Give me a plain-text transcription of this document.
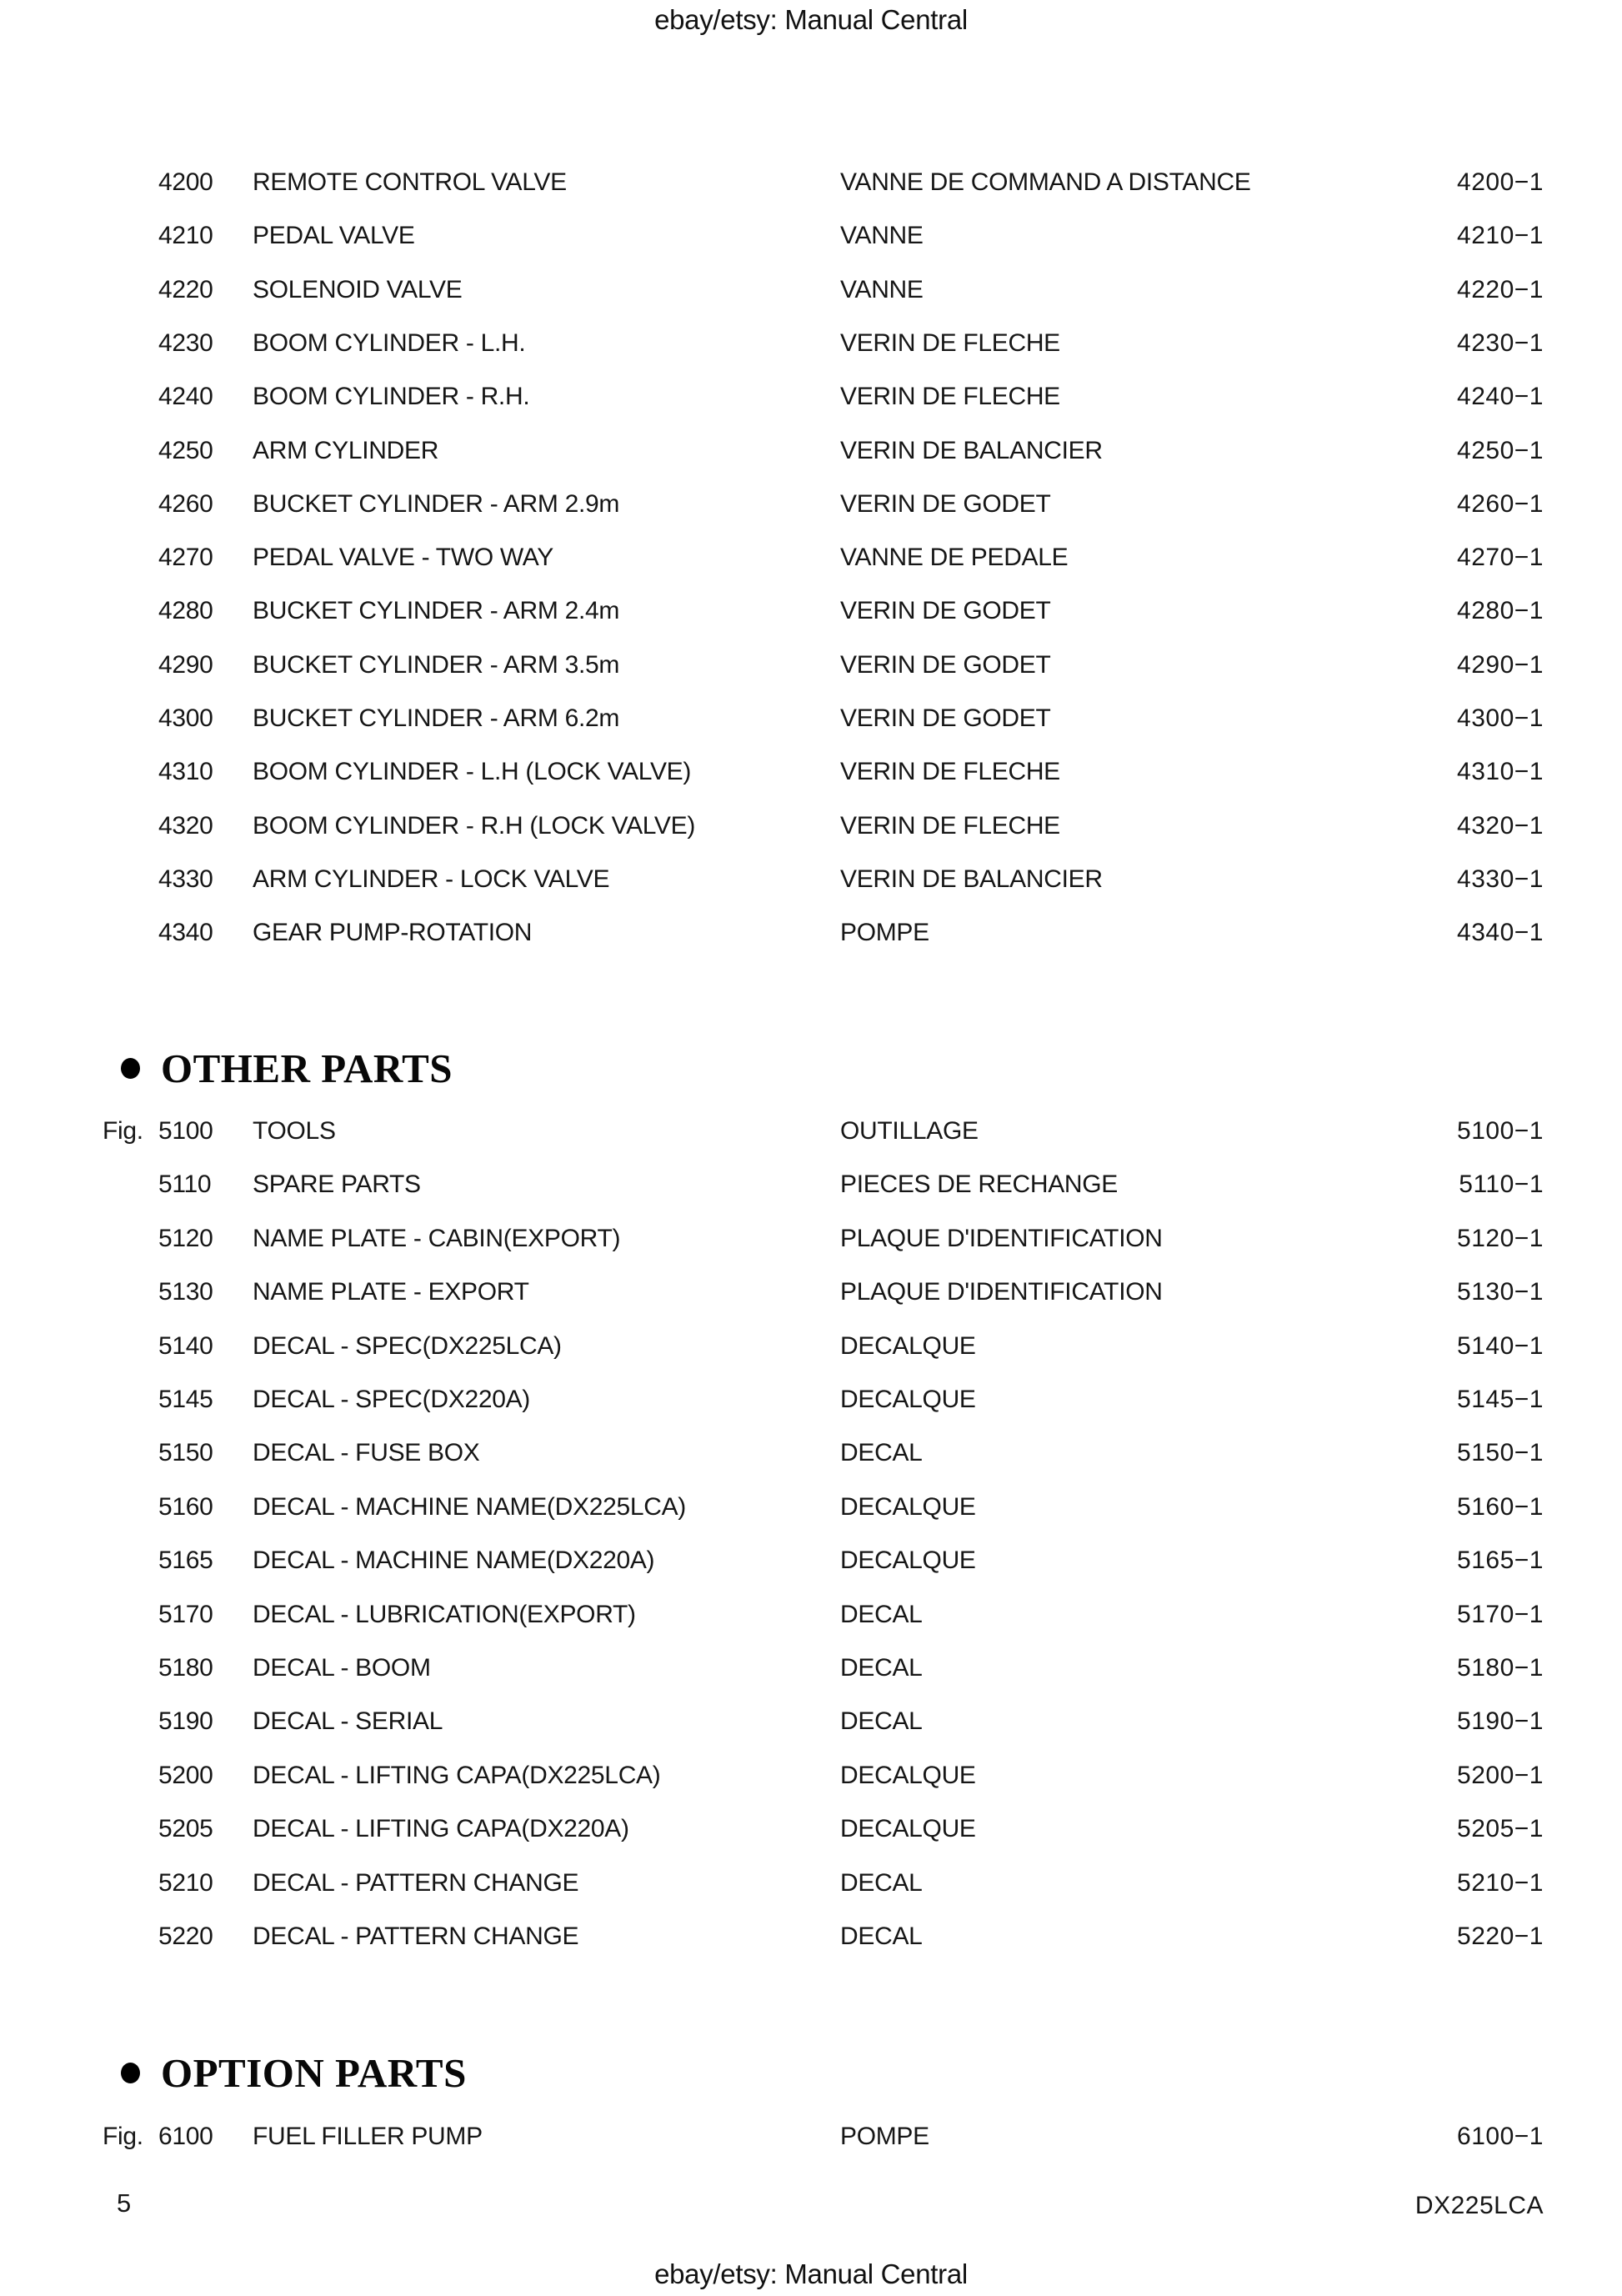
ebay/etsy: Manual Central
4200 REMOTE CONTROL VALVE	VANNE DE COMMAND A DISTANCE	4200−1
4210 PEDAL VALVE	VANNE	4210−1
4220 SOLENOID VALVE	VANNE	4220−1
4230 BOOM CYLINDER - L.H.	VERIN DE FLECHE	4230−1
4240 BOOM CYLINDER - R.H.	VERIN DE FLECHE	4240−1
4250 ARM CYLINDER	VERIN DE BALANCIER	4250−1
4260 BUCKET CYLINDER - ARM 2.9m	VERIN DE GODET	4260−1
4270 PEDAL VALVE - TWO WAY	VANNE DE PEDALE	4270−1
4280 BUCKET CYLINDER - ARM 2.4m	VERIN DE GODET	4280−1
4290 BUCKET CYLINDER - ARM 3.5m	VERIN DE GODET	4290−1
4300 BUCKET CYLINDER - ARM 6.2m	VERIN DE GODET	4300−1
4310 BOOM CYLINDER - L.H (LOCK VALVE)	VERIN DE FLECHE	4310−1
4320 BOOM CYLINDER - R.H (LOCK VALVE)	VERIN DE FLECHE	4320−1
4330 ARM CYLINDER - LOCK VALVE	VERIN DE BALANCIER	4330−1
4340 GEAR PUMP-ROTATION	POMPE	4340−1
OTHER PARTS
Fig. 5100 TOOLS	OUTILLAGE	5100−1
5110 SPARE PARTS	PIECES DE RECHANGE	5110−1
5120 NAME PLATE - CABIN(EXPORT)	PLAQUE D'IDENTIFICATION	5120−1
5130 NAME PLATE - EXPORT	PLAQUE D'IDENTIFICATION	5130−1
5140 DECAL - SPEC(DX225LCA)	DECALQUE	5140−1
5145 DECAL - SPEC(DX220A)	DECALQUE	5145−1
5150 DECAL - FUSE BOX	DECAL	5150−1
5160 DECAL - MACHINE NAME(DX225LCA)	DECALQUE	5160−1
5165 DECAL - MACHINE NAME(DX220A)	DECALQUE	5165−1
5170 DECAL - LUBRICATION(EXPORT)	DECAL	5170−1
5180 DECAL - BOOM	DECAL	5180−1
5190 DECAL - SERIAL	DECAL	5190−1
5200 DECAL - LIFTING CAPA(DX225LCA)	DECALQUE	5200−1
5205 DECAL - LIFTING CAPA(DX220A)	DECALQUE	5205−1
5210 DECAL - PATTERN CHANGE	DECAL	5210−1
5220 DECAL - PATTERN CHANGE	DECAL	5220−1
OPTION PARTS
Fig. 6100 FUEL FILLER PUMP	POMPE	6100−1
5	DX225LCA
ebay/etsy: Manual Central
